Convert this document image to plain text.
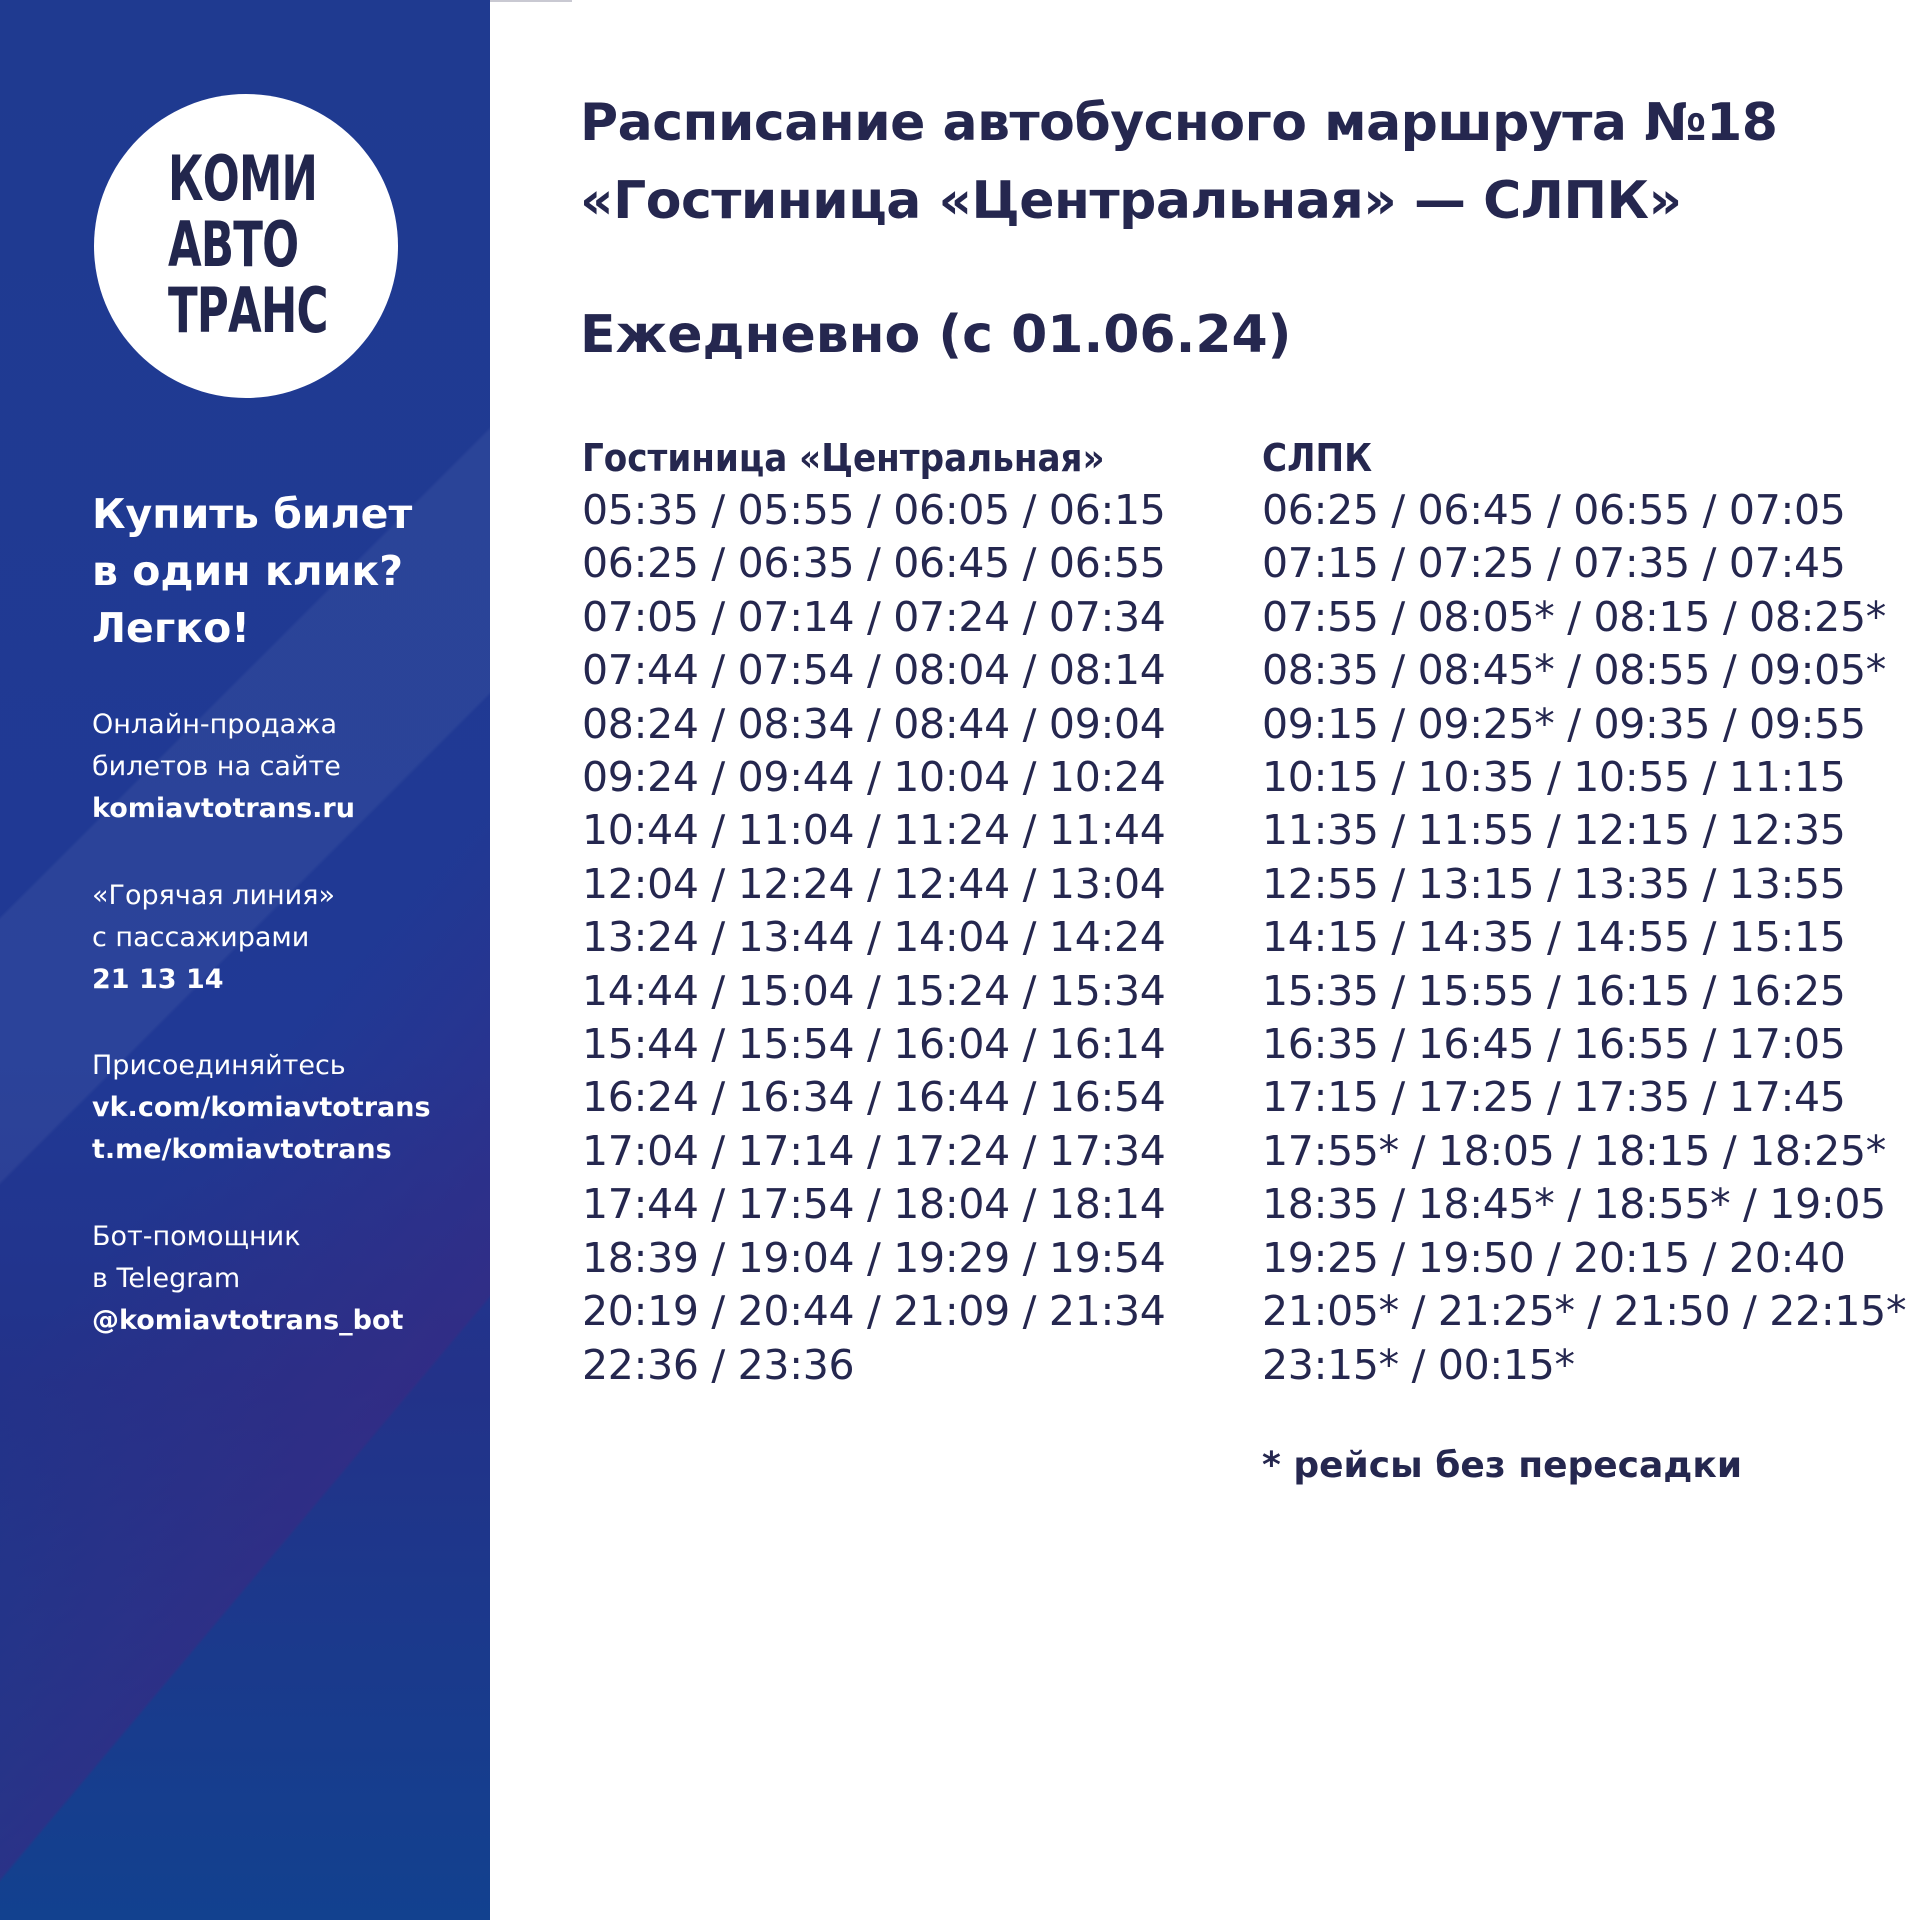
КОМИ
АВТО
ТРАНС
Купить билет
в один клик?
Легко!
Онлайн-продажа
билетов на сайте
komiavtotrans.ru
«Горячая линия»
с пассажирами
21 13 14
Присоединяйтесь
vk.com/komiavtotrans
t.me/komiavtotrans
Бот-помощник
в Telegram
@komiavtotrans_bot
Расписание автобусного маршрута №18
«Гостиница «Центральная» — СЛПК»
Ежедневно (с 01.06.24)
Гостиница «Центральная»
05:35 / 05:55 / 06:05 / 06:15
06:25 / 06:35 / 06:45 / 06:55
07:05 / 07:14 / 07:24 / 07:34
07:44 / 07:54 / 08:04 / 08:14
08:24 / 08:34 / 08:44 / 09:04
09:24 / 09:44 / 10:04 / 10:24
10:44 / 11:04 / 11:24 / 11:44
12:04 / 12:24 / 12:44 / 13:04
13:24 / 13:44 / 14:04 / 14:24
14:44 / 15:04 / 15:24 / 15:34
15:44 / 15:54 / 16:04 / 16:14
16:24 / 16:34 / 16:44 / 16:54
17:04 / 17:14 / 17:24 / 17:34
17:44 / 17:54 / 18:04 / 18:14
18:39 / 19:04 / 19:29 / 19:54
20:19 / 20:44 / 21:09 / 21:34
22:36 / 23:36
СЛПК
06:25 / 06:45 / 06:55 / 07:05
07:15 / 07:25 / 07:35 / 07:45
07:55 / 08:05* / 08:15 / 08:25*
08:35 / 08:45* / 08:55 / 09:05*
09:15 / 09:25* / 09:35 / 09:55
10:15 / 10:35 / 10:55 / 11:15
11:35 / 11:55 / 12:15 / 12:35
12:55 / 13:15 / 13:35 / 13:55
14:15 / 14:35 / 14:55 / 15:15
15:35 / 15:55 / 16:15 / 16:25
16:35 / 16:45 / 16:55 / 17:05
17:15 / 17:25 / 17:35 / 17:45
17:55* / 18:05 / 18:15 / 18:25*
18:35 / 18:45* / 18:55* / 19:05
19:25 / 19:50 / 20:15 / 20:40
21:05* / 21:25* / 21:50 / 22:15*
23:15* / 00:15*
* рейсы без пересадки
